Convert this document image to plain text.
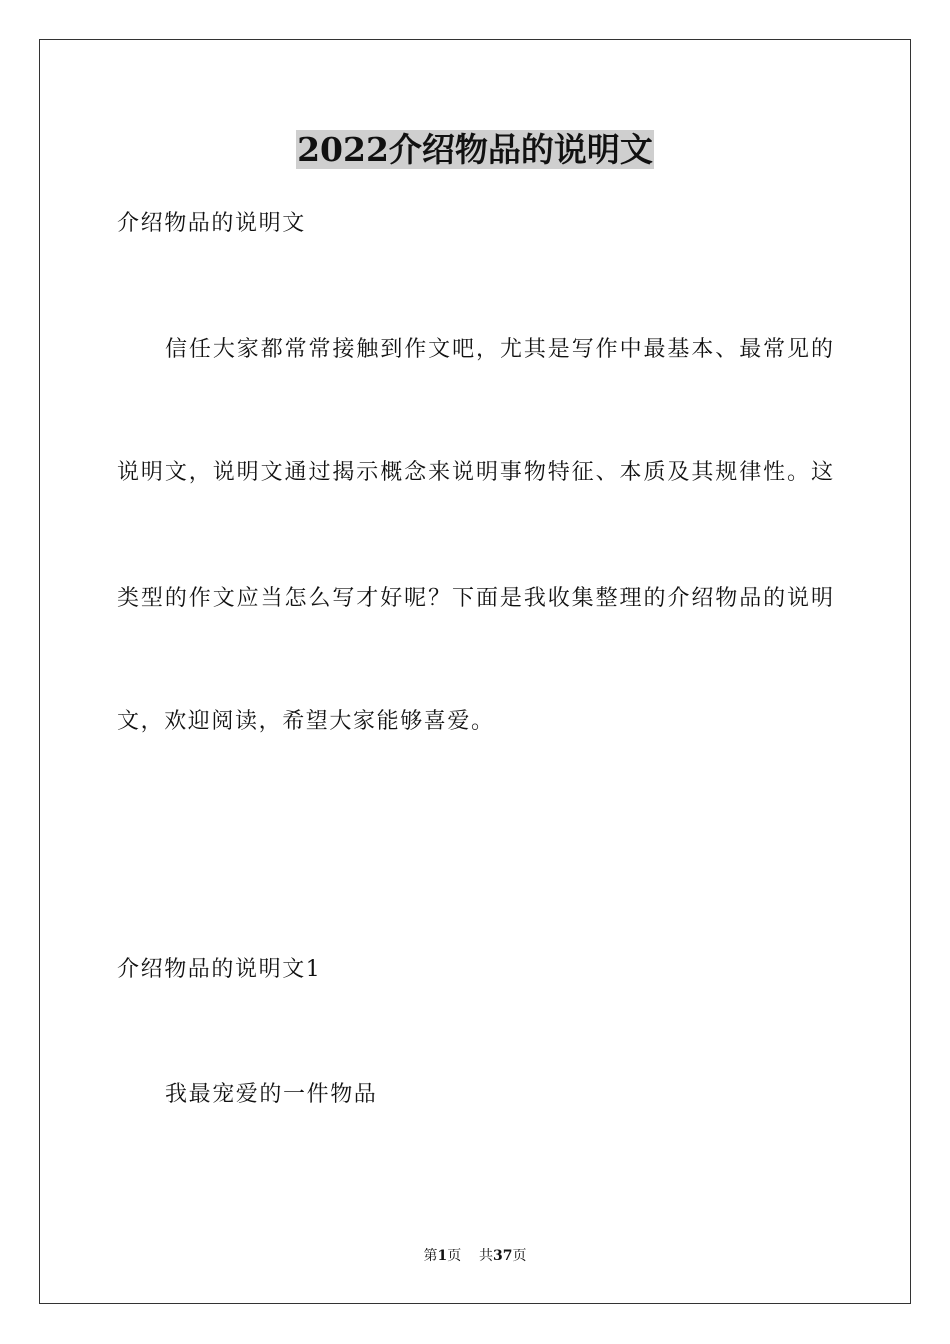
2022介绍物品的说明文
介绍物品的说明文
信任大家都常常接触到作文吧，尤其是写作中最基本、最常见的
说明文，说明文通过揭示概念来说明事物特征、本质及其规律性。这
类型的作文应当怎么写才好呢？下面是我收集整理的介绍物品的说明
文，欢迎阅读，希望大家能够喜爱。
介绍物品的说明文1
我最宠爱的一件物品
第1页 共37页
